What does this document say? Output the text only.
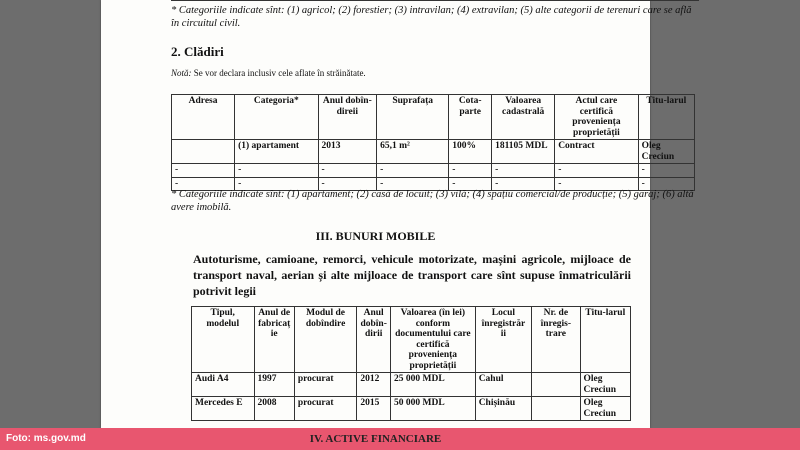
* Categoriile indicate sînt: (1) agricol; (2) forestier; (3) intravilan; (4) extravilan; (5) alte categorii de terenuri care se află în circuitul civil.
2. Clădiri
Notă: Se vor declara inclusiv cele aflate în străinătate.
Adresa	Categoria*	Anul dobîn-direii	Suprafața	Cota-parte	Valoarea cadastrală	Actul care certifică proveniența proprietății	Titu-larul
	(1) apartament	2013	65,1 m²	100%	181105 MDL	Contract	Oleg Creciun
-	-	-	-	-	-	-	-
-	-	-	-	-	-	-	-
* Categoriile indicate sînt: (1) apartament; (2) casă de locuit; (3) vilă; (4) spațiu comercial/de producție; (5) garaj; (6) altă avere imobilă.
III. BUNURI MOBILE
Autoturisme, camioane, remorci, vehicule motorizate, mașini agricole, mijloace de transport naval, aerian și alte mijloace de transport care sînt supuse înmatriculării potrivit legii
Tipul, modelul	Anul de fabricaț ie	Modul de dobîndire	Anul dobîn-dirii	Valoarea (în lei) conform documentului care certifică proveniența proprietății	Locul înregistrăr ii	Nr. de înregis-trare	Titu-larul
Audi A4	1997	procurat	2012	25 000 MDL	Cahul		Oleg Creciun
Mercedes E	2008	procurat	2015	50 000 MDL	Chișinău		Oleg Creciun
Foto: ms.gov.md	IV. ACTIVE FINANCIARE
